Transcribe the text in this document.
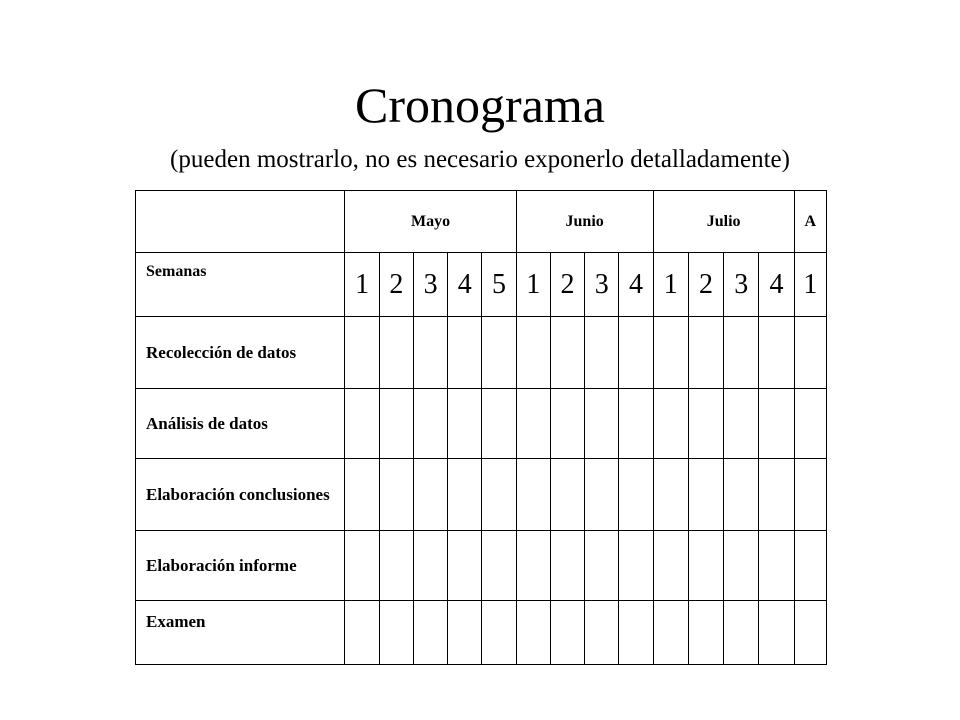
Cronograma
(pueden mostrarlo, no es necesario exponerlo detalladamente)
	Mayo					Junio				Julio				A
Semanas	1	2	3	4	5	1	2	3	4	1	2	3	4	1
Recolección de datos														
Análisis de datos														
Elaboración conclusiones														
Elaboración informe														
Examen														
